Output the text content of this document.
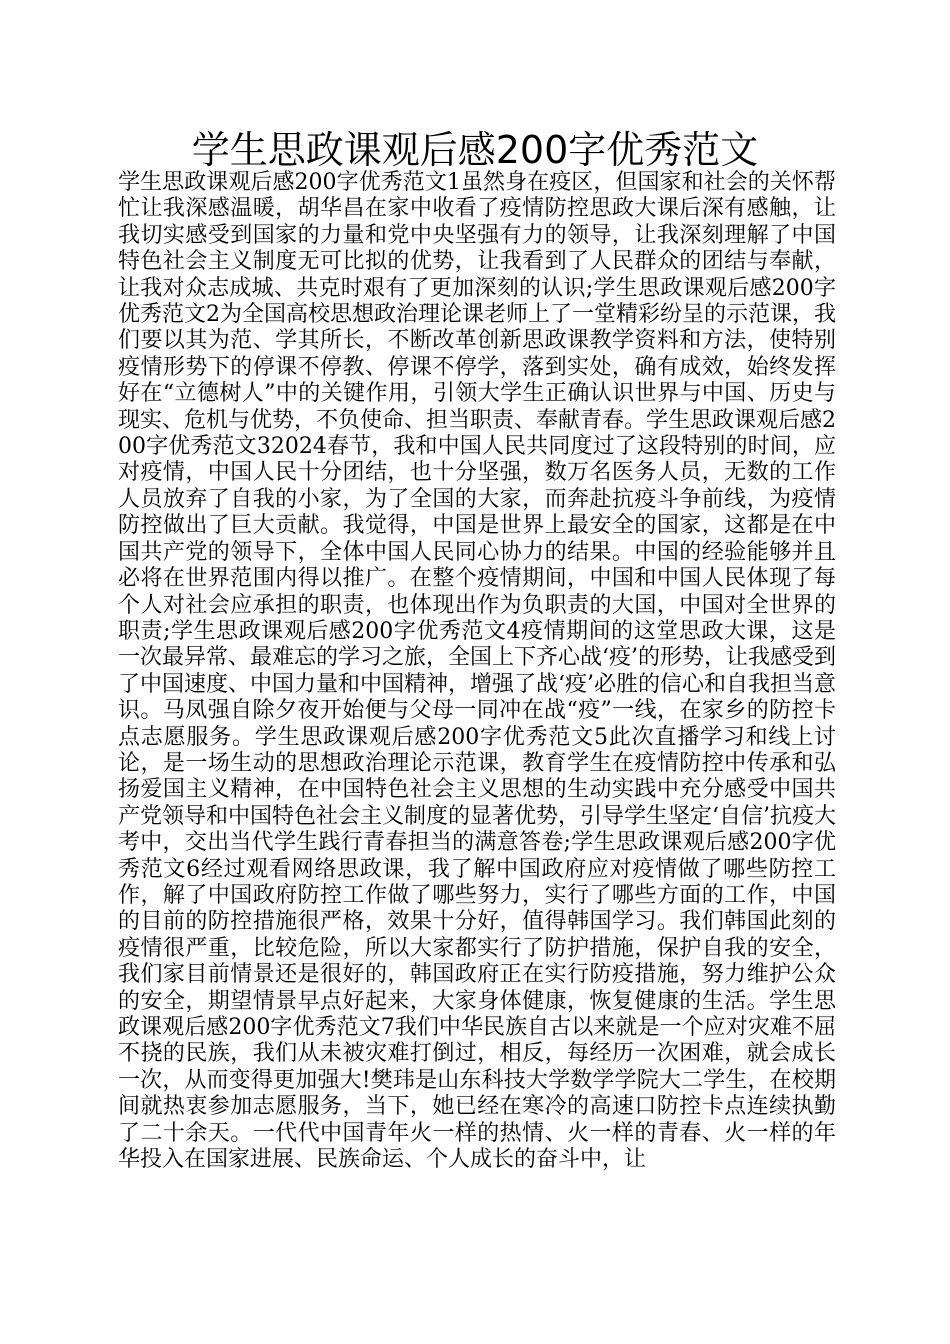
学生思政课观后感200字优秀范文

学生思政课观后感200字优秀范文1虽然身在疫区，但国家和社会的关怀帮忙让我深感温暖，胡华昌在家中收看了疫情防控思政大课后深有感触，让我切实感受到国家的力量和党中央坚强有力的领导，让我深刻理解了中国特色社会主义制度无可比拟的优势，让我看到了人民群众的团结与奉献，让我对众志成城、共克时艰有了更加深刻的认识;学生思政课观后感200字优秀范文2为全国高校思想政治理论课老师上了一堂精彩纷呈的示范课，我们要以其为范、学其所长，不断改革创新思政课教学资料和方法，使特别疫情形势下的停课不停教、停课不停学，落到实处，确有成效，始终发挥好在“立德树人”中的关键作用，引领大学生正确认识世界与中国、历史与现实、危机与优势，不负使命、担当职责、奉献青春。学生思政课观后感200字优秀范文32024春节，我和中国人民共同度过了这段特别的时间，应对疫情，中国人民十分团结，也十分坚强，数万名医务人员，无数的工作人员放弃了自我的小家，为了全国的大家，而奔赴抗疫斗争前线，为疫情防控做出了巨大贡献。我觉得，中国是世界上最安全的国家，这都是在中国共产党的领导下，全体中国人民同心协力的结果。中国的经验能够并且必将在世界范围内得以推广。在整个疫情期间，中国和中国人民体现了每个人对社会应承担的职责，也体现出作为负职责的大国，中国对全世界的职责;学生思政课观后感200字优秀范文4疫情期间的这堂思政大课，这是一次最异常、最难忘的学习之旅，全国上下齐心战‘疫’的形势，让我感受到了中国速度、中国力量和中国精神，增强了战‘疫’必胜的信心和自我担当意识。马凤强自除夕夜开始便与父母一同冲在战“疫”一线，在家乡的防控卡点志愿服务。学生思政课观后感200字优秀范文5此次直播学习和线上讨论，是一场生动的思想政治理论示范课，教育学生在疫情防控中传承和弘扬爱国主义精神，在中国特色社会主义思想的生动实践中充分感受中国共产党领导和中国特色社会主义制度的显著优势，引导学生坚定‘自信’抗疫大考中，交出当代学生践行青春担当的满意答卷;学生思政课观后感200字优秀范文6经过观看网络思政课，我了解中国政府应对疫情做了哪些防控工作，解了中国政府防控工作做了哪些努力，实行了哪些方面的工作，中国的目前的防控措施很严格，效果十分好，值得韩国学习。我们韩国此刻的疫情很严重，比较危险，所以大家都实行了防护措施，保护自我的安全，我们家目前情景还是很好的，韩国政府正在实行防疫措施，努力维护公众的安全，期望情景早点好起来，大家身体健康，恢复健康的生活。学生思政课观后感200字优秀范文7我们中华民族自古以来就是一个应对灾难不屈不挠的民族，我们从未被灾难打倒过，相反，每经历一次困难，就会成长一次，从而变得更加强大!樊玮是山东科技大学数学学院大二学生，在校期间就热衷参加志愿服务，当下，她已经在寒冷的高速口防控卡点连续执勤了二十余天。一代代中国青年火一样的热情、火一样的青春、火一样的年华投入在国家进展、民族命运、个人成长的奋斗中，让
